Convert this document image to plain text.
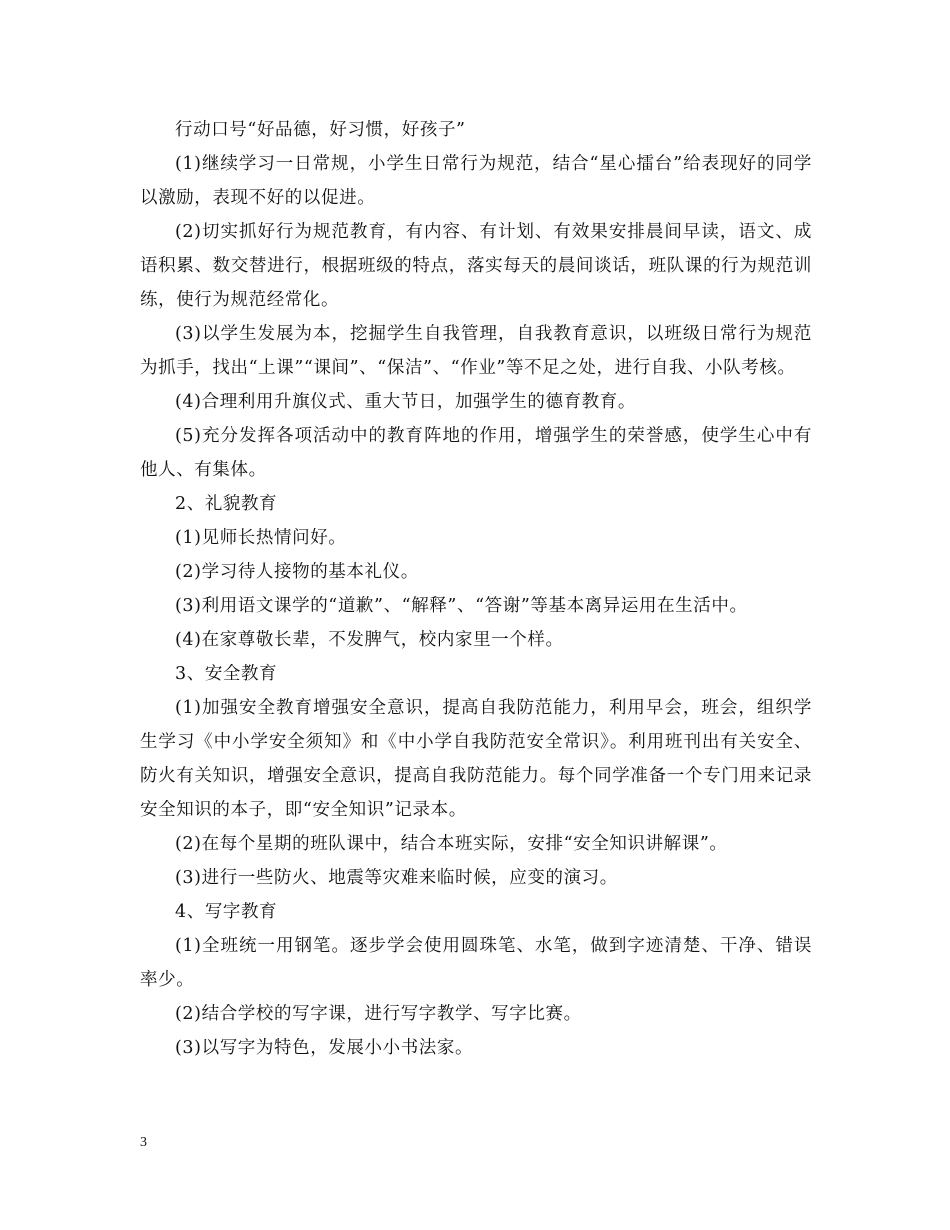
行动口号“好品德，好习惯，好孩子”

(1)继续学习一日常规，小学生日常行为规范，结合“星心擂台”给表现好的同学以激励，表现不好的以促进。

(2)切实抓好行为规范教育，有内容、有计划、有效果安排晨间早读，语文、成语积累、数交替进行，根据班级的特点，落实每天的晨间谈话，班队课的行为规范训练，使行为规范经常化。

(3)以学生发展为本，挖掘学生自我管理，自我教育意识，以班级日常行为规范为抓手，找出“上课”“课间”、“保洁”、“作业”等不足之处，进行自我、小队考核。

(4)合理利用升旗仪式、重大节日，加强学生的德育教育。

(5)充分发挥各项活动中的教育阵地的作用，增强学生的荣誉感，使学生心中有他人、有集体。

2、礼貌教育

(1)见师长热情问好。

(2)学习待人接物的基本礼仪。

(3)利用语文课学的“道歉”、“解释”、“答谢”等基本离异运用在生活中。

(4)在家尊敬长辈，不发脾气，校内家里一个样。

3、安全教育

(1)加强安全教育增强安全意识，提高自我防范能力，利用早会，班会，组织学生学习《中小学安全须知》和《中小学自我防范安全常识》。利用班刊出有关安全、防火有关知识，增强安全意识，提高自我防范能力。每个同学准备一个专门用来记录安全知识的本子，即“安全知识”记录本。

(2)在每个星期的班队课中，结合本班实际，安排“安全知识讲解课”。

(3)进行一些防火、地震等灾难来临时候，应变的演习。

4、写字教育

(1)全班统一用钢笔。逐步学会使用圆珠笔、水笔，做到字迹清楚、干净、错误率少。

(2)结合学校的写字课，进行写字教学、写字比赛。

(3)以写字为特色，发展小小书法家。

3
